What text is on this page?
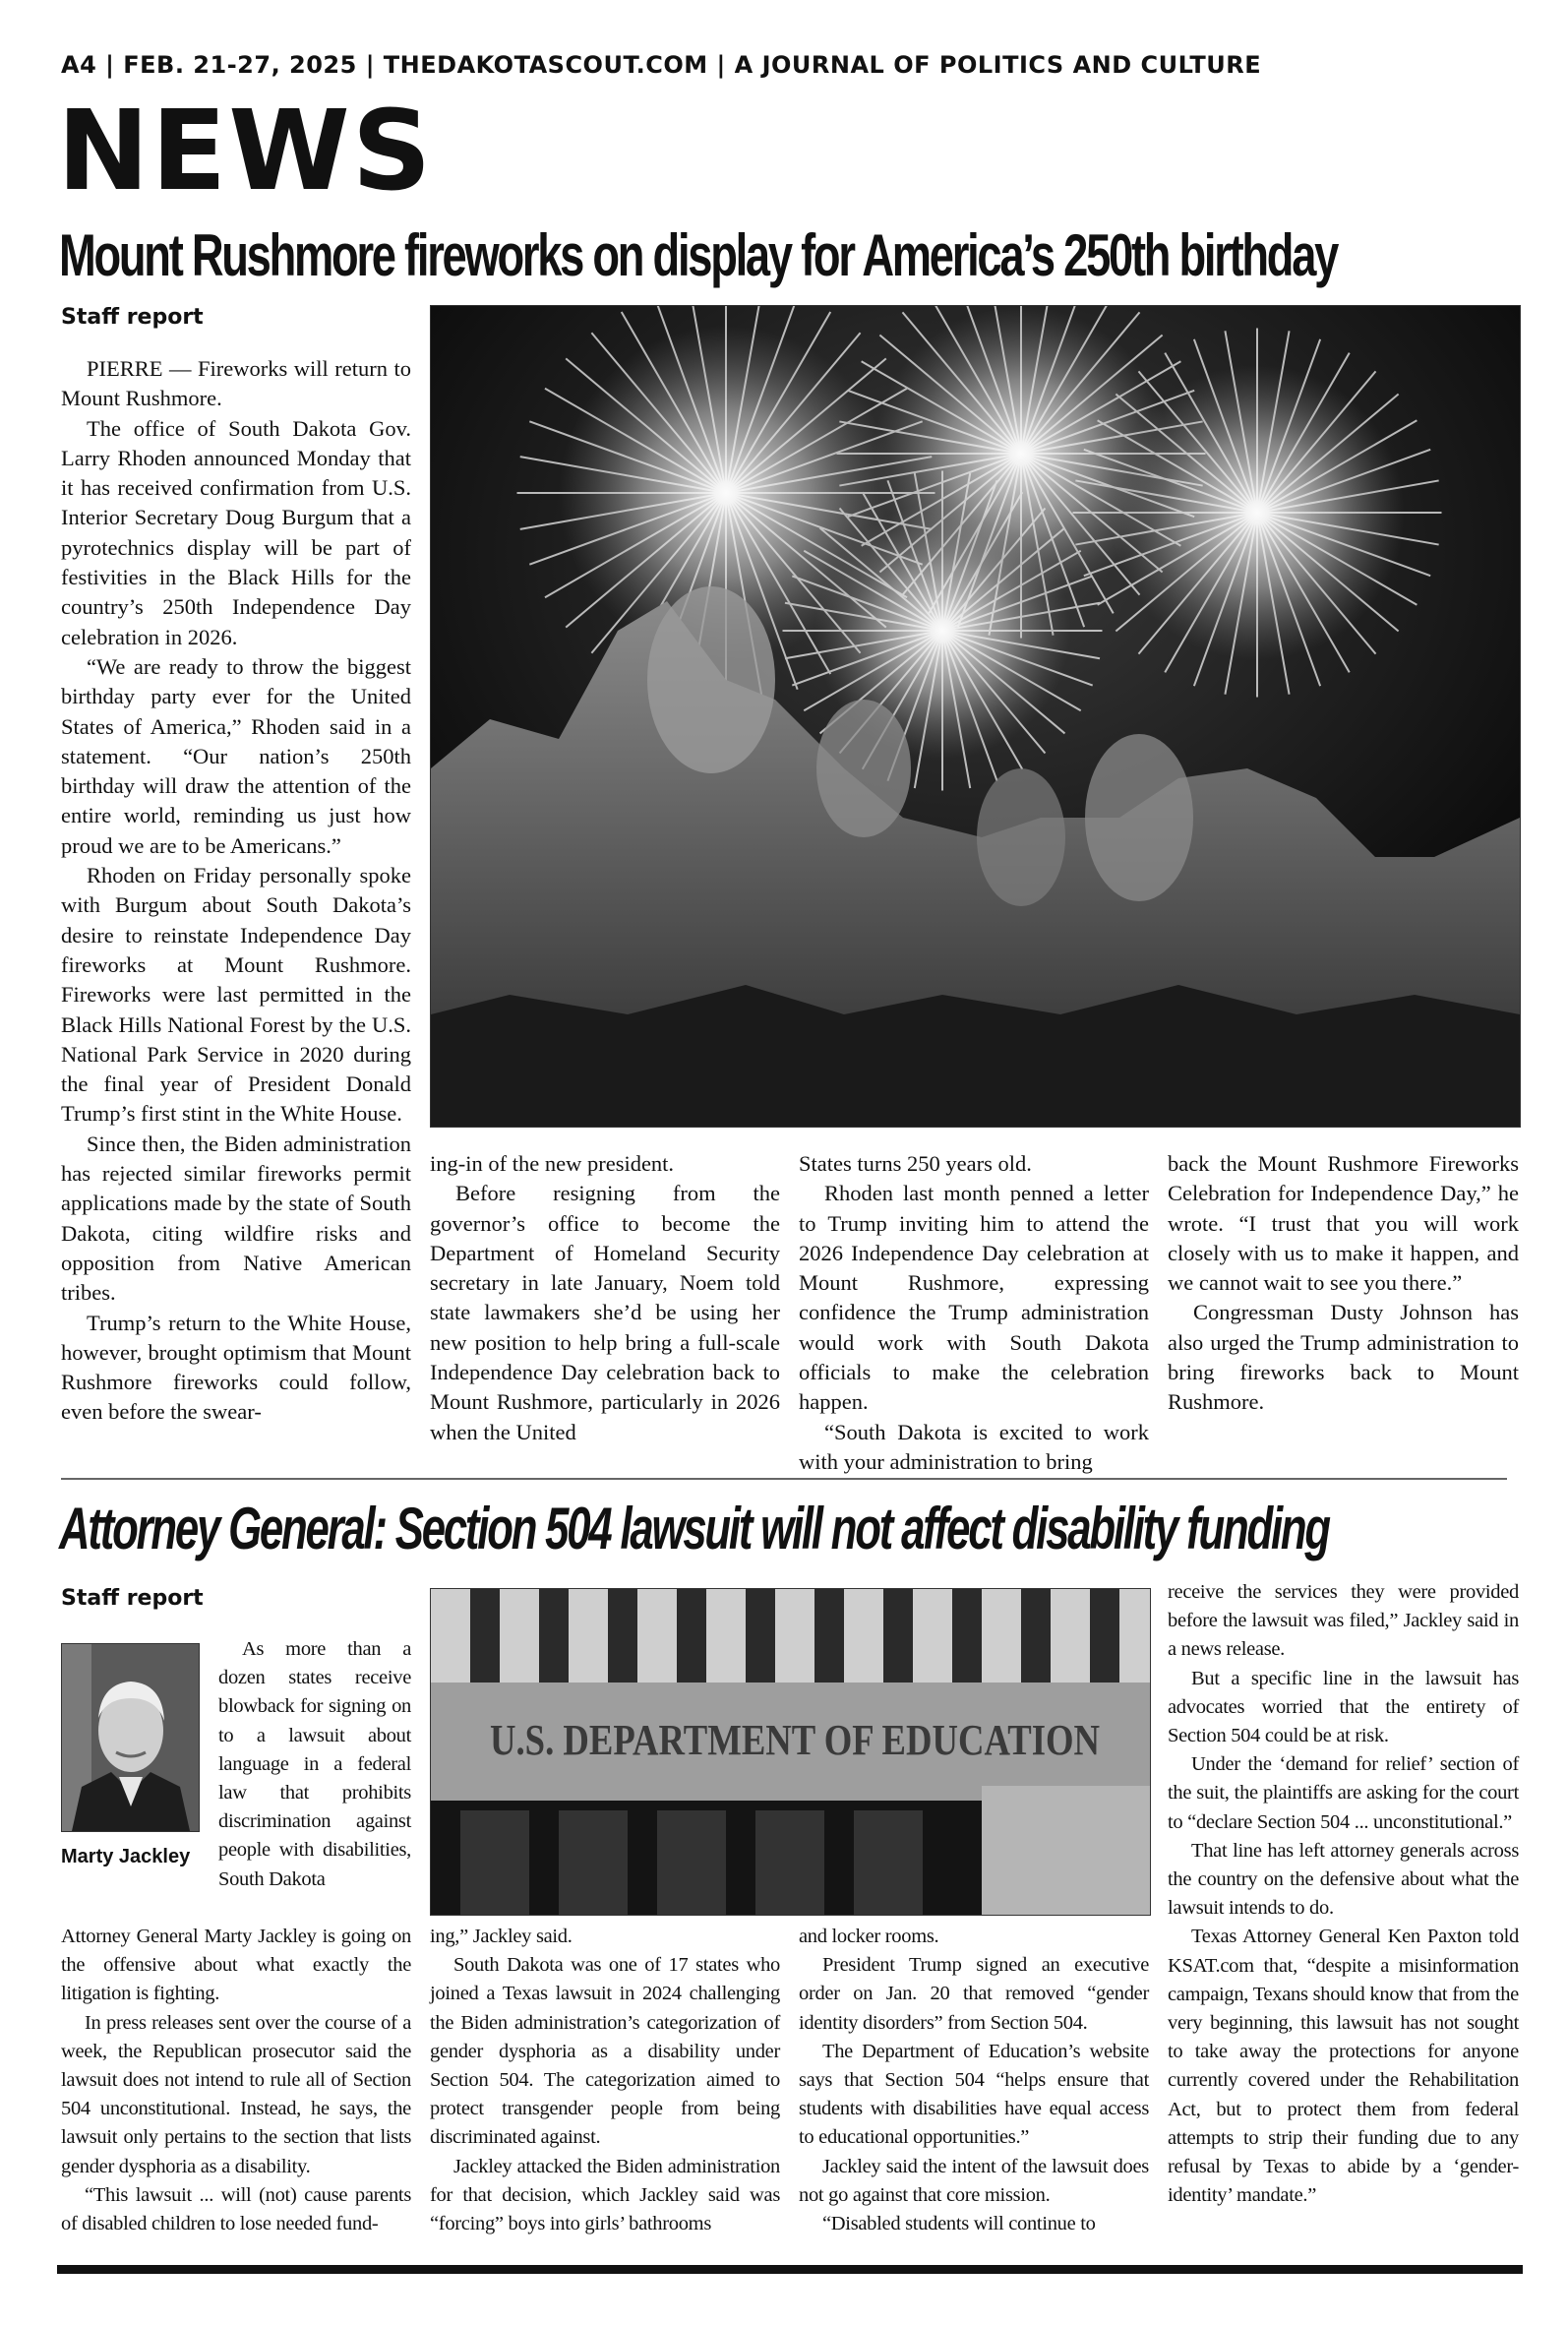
A4 | FEB. 21-27, 2025 | THEDAKOTASCOUT.COM | A JOURNAL OF POLITICS AND CULTURE
NEWS
Mount Rushmore fireworks on display for America’s 250th birthday
Staff report

PIERRE — Fireworks will return to Mount Rushmore.

The office of South Dakota Gov. Larry Rhoden announced Monday that it has received confirmation from U.S. Interior Secretary Doug Burgum that a pyrotechnics display will be part of festivities in the Black Hills for the country’s 250th Independence Day celebration in 2026.

“We are ready to throw the biggest birthday party ever for the United States of America,” Rhoden said in a statement. “Our nation’s 250th birthday will draw the attention of the entire world, reminding us just how proud we are to be Americans.”

Rhoden on Friday personally spoke with Burgum about South Dakota’s desire to reinstate Independence Day fireworks at Mount Rushmore. Fireworks were last permitted in the Black Hills National Forest by the U.S. National Park Service in 2020 during the final year of President Donald Trump’s first stint in the White House.

Since then, the Biden administration has rejected similar fireworks permit applications made by the state of South Dakota, citing wildfire risks and opposition from Native American tribes.

Trump’s return to the White House, however, brought optimism that Mount Rushmore fireworks could follow, even before the swear-

ing-in of the new president.

Before resigning from the governor’s office to become the Department of Homeland Security secretary in late January, Noem told state lawmakers she’d be using her new position to help bring a full-scale Independence Day celebration back to Mount Rushmore, particularly in 2026 when the United

States turns 250 years old.

Rhoden last month penned a letter to Trump inviting him to attend the 2026 Independence Day celebration at Mount Rushmore, expressing confidence the Trump administration would work with South Dakota officials to make the celebration happen.

“South Dakota is excited to work with your administration to bring

back the Mount Rushmore Fireworks Celebration for Independence Day,” he wrote. “I trust that you will work closely with us to make it happen, and we cannot wait to see you there.”

Congressman Dusty Johnson has also urged the Trump administration to bring fireworks back to Mount Rushmore.

Attorney General: Section 504 lawsuit will not affect disability funding
Staff report
Marty Jackley

As more than a dozen states receive blowback for signing on to a lawsuit about language in a federal law that prohibits discrimination against people with disabilities, South Dakota

Attorney General Marty Jackley is going on the offensive about what exactly the litigation is fighting.

In press releases sent over the course of a week, the Republican prosecutor said the lawsuit does not intend to rule all of Section 504 unconstitutional. Instead, he says, the lawsuit only pertains to the section that lists gender dysphoria as a disability.

“This lawsuit ... will (not) cause parents of disabled children to lose needed fund-

U.S. DEPARTMENT OF EDUCATION

ing,” Jackley said.

South Dakota was one of 17 states who joined a Texas lawsuit in 2024 challenging the Biden administration’s categorization of gender dysphoria as a disability under Section 504. The categorization aimed to protect transgender people from being discriminated against.

Jackley attacked the Biden administration for that decision, which Jackley said was “forcing” boys into girls’ bathrooms

and locker rooms.

President Trump signed an executive order on Jan. 20 that removed “gender identity disorders” from Section 504.

The Department of Education’s website says that Section 504 “helps ensure that students with disabilities have equal access to educational opportunities.”

Jackley said the intent of the lawsuit does not go against that core mission.

“Disabled students will continue to

receive the services they were provided before the lawsuit was filed,” Jackley said in a news release.

But a specific line in the lawsuit has advocates worried that the entirety of Section 504 could be at risk.

Under the ‘demand for relief’ section of the suit, the plaintiffs are asking for the court to “declare Section 504 ... unconstitutional.”

That line has left attorney generals across the country on the defensive about what the lawsuit intends to do.

Texas Attorney General Ken Paxton told KSAT.com that, “despite a misinformation campaign, Texans should know that from the very beginning, this lawsuit has not sought to take away the protections for anyone currently covered under the Rehabilitation Act, but to protect them from federal attempts to strip their funding due to any refusal by Texas to abide by a ‘gender-identity’ mandate.”
